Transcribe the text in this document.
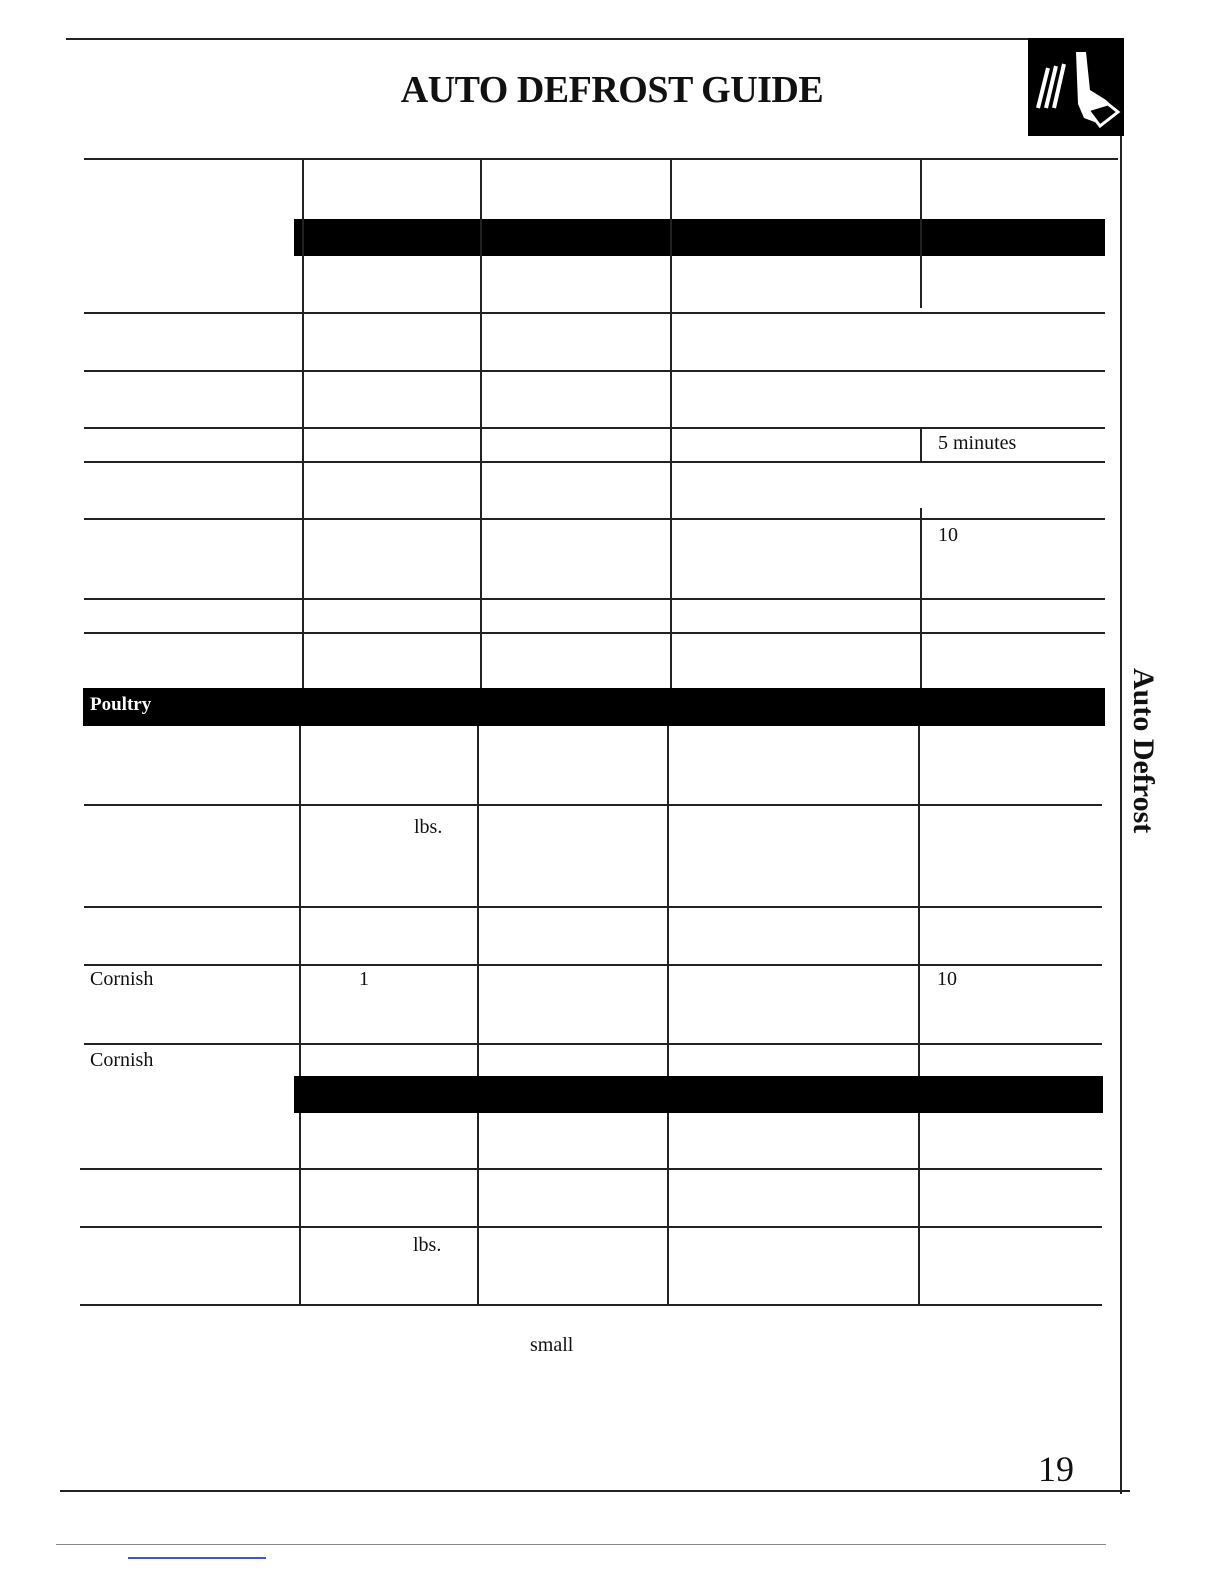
AUTO DEFROST GUIDE
Auto Defrost
5 minutes
10
Poultry
lbs.
Cornish	1	10
Cornish
lbs.
small
19
